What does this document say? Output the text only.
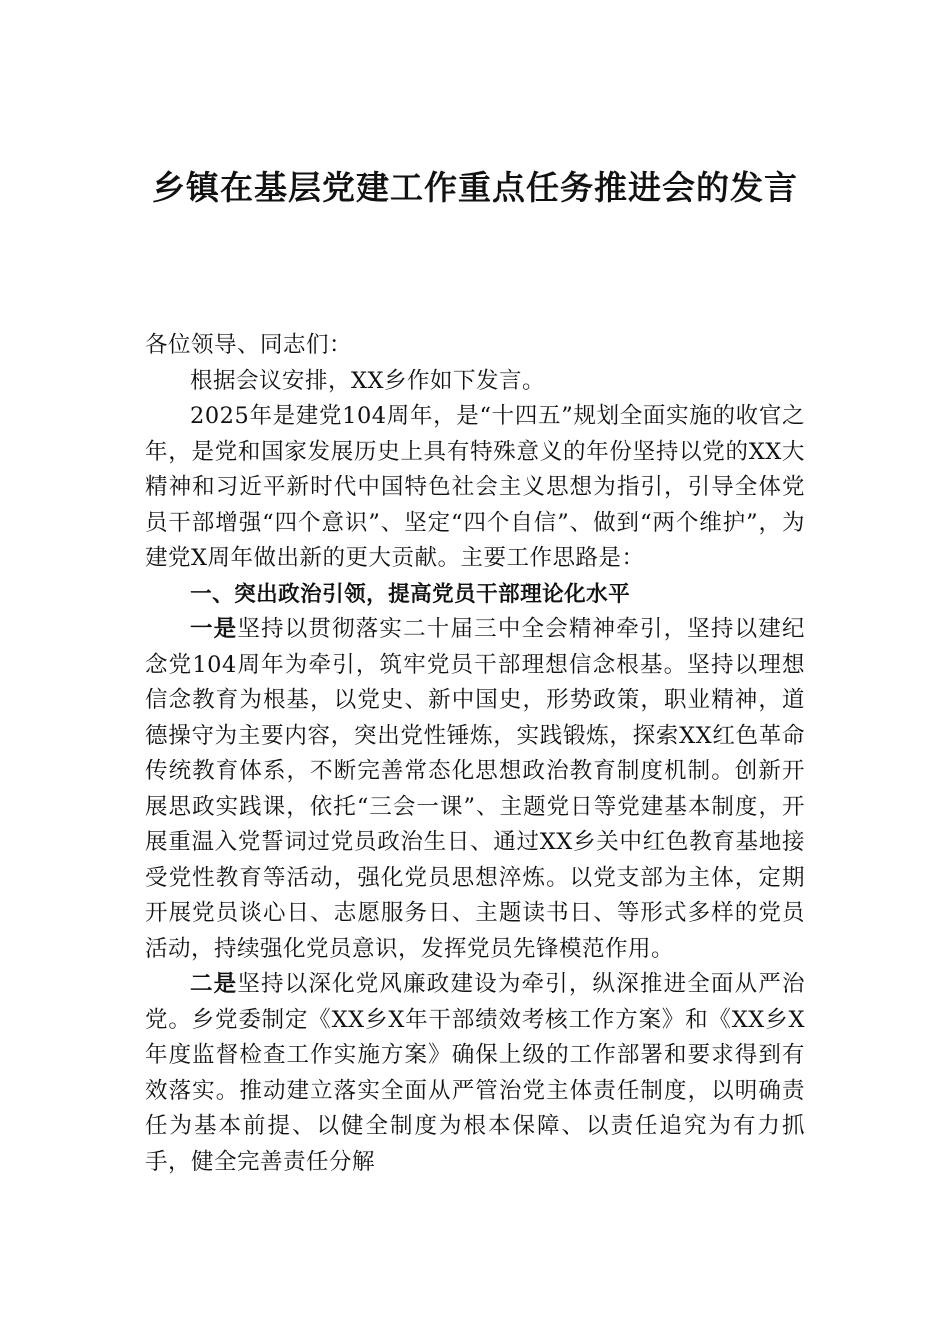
乡镇在基层党建工作重点任务推进会的发言

各位领导、同志们：

根据会议安排，XX乡作如下发言。

2025年是建党104周年，是“十四五”规划全面实施的收官之年，是党和国家发展历史上具有特殊意义的年份坚持以党的XX大精神和习近平新时代中国特色社会主义思想为指引，引导全体党员干部增强“四个意识”、坚定“四个自信”、做到“两个维护”，为建党X周年做出新的更大贡献。主要工作思路是：

一、突出政治引领，提高党员干部理论化水平

一是坚持以贯彻落实二十届三中全会精神牵引，坚持以建纪念党104周年为牵引，筑牢党员干部理想信念根基。坚持以理想信念教育为根基，以党史、新中国史，形势政策，职业精神，道德操守为主要内容，突出党性锤炼，实践锻炼，探索XX红色革命传统教育体系，不断完善常态化思想政治教育制度机制。创新开展思政实践课，依托“三会一课”、主题党日等党建基本制度，开展重温入党誓词过党员政治生日、通过XX乡关中红色教育基地接受党性教育等活动，强化党员思想淬炼。以党支部为主体，定期开展党员谈心日、志愿服务日、主题读书日、等形式多样的党员活动，持续强化党员意识，发挥党员先锋模范作用。

二是坚持以深化党风廉政建设为牵引，纵深推进全面从严治党。乡党委制定《XX乡X年干部绩效考核工作方案》和《XX乡X年度监督检查工作实施方案》确保上级的工作部署和要求得到有效落实。推动建立落实全面从严管治党主体责任制度，以明确责任为基本前提、以健全制度为根本保障、以责任追究为有力抓手，健全完善责任分解
